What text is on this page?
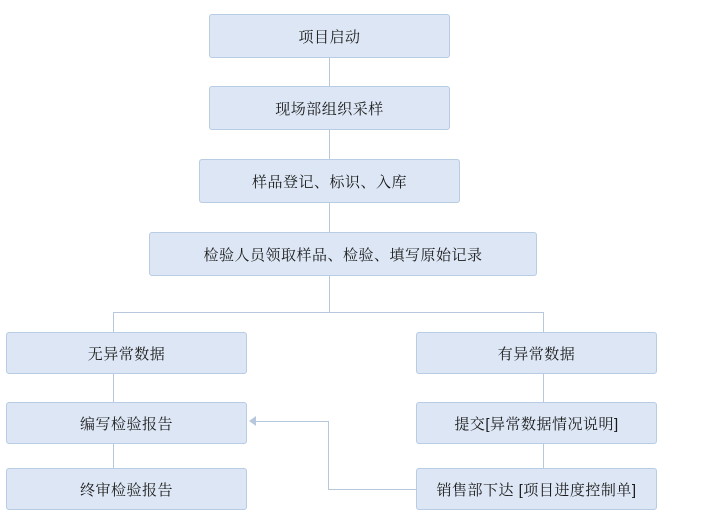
项目启动
现场部组织采样
样品登记、标识、入库
检验人员领取样品、检验、填写原始记录
无异常数据	有异常数据
编写检验报告	提交[异常数据情况说明]
终审检验报告	销售部下达 [项目进度控制单]
